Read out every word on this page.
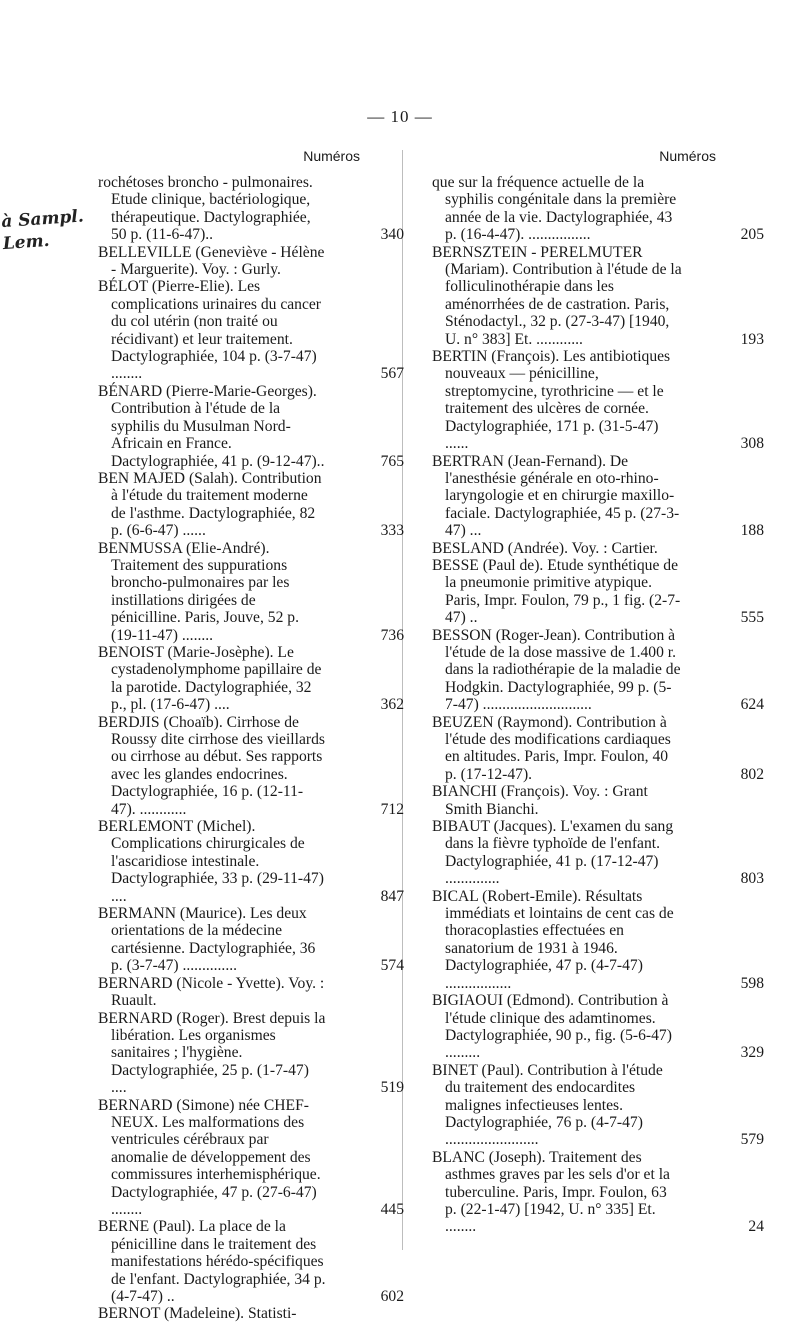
— 10 —
à Sampl. Lem.
Numéros
rochétoses broncho - pulmonaires. Etude clinique, bactériologique, thérapeutique. Dactylographiée, 50 p. (11-6-47)..	340
BELLEVILLE (Geneviève - Hélène - Marguerite). Voy. : Gurly.
BÉLOT (Pierre-Elie). Les complications urinaires du cancer du col utérin (non traité ou récidivant) et leur traitement. Dactylographiée, 104 p. (3-7-47) ........	567
BÉNARD (Pierre-Marie-Georges). Contribution à l'étude de la syphilis du Musulman Nord-Africain en France. Dactylographiée, 41 p. (9-12-47)..	765
BEN MAJED (Salah). Contribution à l'étude du traitement moderne de l'asthme. Dactylographiée, 82 p. (6-6-47) ......	333
BENMUSSA (Elie-André). Traitement des suppurations broncho-pulmonaires par les instillations dirigées de pénicilline. Paris, Jouve, 52 p. (19-11-47) ........	736
BENOIST (Marie-Josèphe). Le cystadenolymphome papillaire de la parotide. Dactylographiée, 32 p., pl. (17-6-47) ....	362
BERDJIS (Choaïb). Cirrhose de Roussy dite cirrhose des vieillards ou cirrhose au début. Ses rapports avec les glandes endocrines. Dactylographiée, 16 p. (12-11-47). ............	712
BERLEMONT (Michel). Complications chirurgicales de l'ascaridiose intestinale. Dactylographiée, 33 p. (29-11-47) ....	847
BERMANN (Maurice). Les deux orientations de la médecine cartésienne. Dactylographiée, 36 p. (3-7-47) ..............	574
BERNARD (Nicole - Yvette). Voy. : Ruault.
BERNARD (Roger). Brest depuis la libération. Les organismes sanitaires ; l'hygiène. Dactylographiée, 25 p. (1-7-47) ....	519
BERNARD (Simone) née CHEF-NEUX. Les malformations des ventricules cérébraux par anomalie de développement des commissures interhemisphérique. Dactylographiée, 47 p. (27-6-47) ........	445
BERNE (Paul). La place de la pénicilline dans le traitement des manifestations hérédo-spécifiques de l'enfant. Dactylographiée, 34 p. (4-7-47) ..	602
BERNOT (Madeleine). Statisti-
Numéros
que sur la fréquence actuelle de la syphilis congénitale dans la première année de la vie. Dactylographiée, 43 p. (16-4-47). ................	205
BERNSZTEIN - PERELMUTER (Mariam). Contribution à l'étude de la folliculinothérapie dans les aménorrhées de de castration. Paris, Sténodactyl., 32 p. (27-3-47) [1940, U. n° 383] Et. ............	193
BERTIN (François). Les antibiotiques nouveaux — pénicilline, streptomycine, tyrothricine — et le traitement des ulcères de cornée. Dactylographiée, 171 p. (31-5-47) ......	308
BERTRAN (Jean-Fernand). De l'anesthésie générale en oto-rhino-laryngologie et en chirurgie maxillo-faciale. Dactylographiée, 45 p. (27-3-47) ...	188
BESLAND (Andrée). Voy. : Cartier.
BESSE (Paul de). Etude synthétique de la pneumonie primitive atypique. Paris, Impr. Foulon, 79 p., 1 fig. (2-7-47) ..	555
BESSON (Roger-Jean). Contribution à l'étude de la dose massive de 1.400 r. dans la radiothérapie de la maladie de Hodgkin. Dactylographiée, 99 p. (5-7-47) ............................	624
BEUZEN (Raymond). Contribution à l'étude des modifications cardiaques en altitudes. Paris, Impr. Foulon, 40 p. (17-12-47).	802
BIANCHI (François). Voy. : Grant Smith Bianchi.
BIBAUT (Jacques). L'examen du sang dans la fièvre typhoïde de l'enfant. Dactylographiée, 41 p. (17-12-47) ..............	803
BICAL (Robert-Emile). Résultats immédiats et lointains de cent cas de thoracoplasties effectuées en sanatorium de 1931 à 1946. Dactylographiée, 47 p. (4-7-47) .................	598
BIGIAOUI (Edmond). Contribution à l'étude clinique des adamtinomes. Dactylographiée, 90 p., fig. (5-6-47) .........	329
BINET (Paul). Contribution à l'étude du traitement des endocardites malignes infectieuses lentes. Dactylographiée, 76 p. (4-7-47) ........................	579
BLANC (Joseph). Traitement des asthmes graves par les sels d'or et la tuberculine. Paris, Impr. Foulon, 63 p. (22-1-47) [1942, U. n° 335] Et. ........	24
